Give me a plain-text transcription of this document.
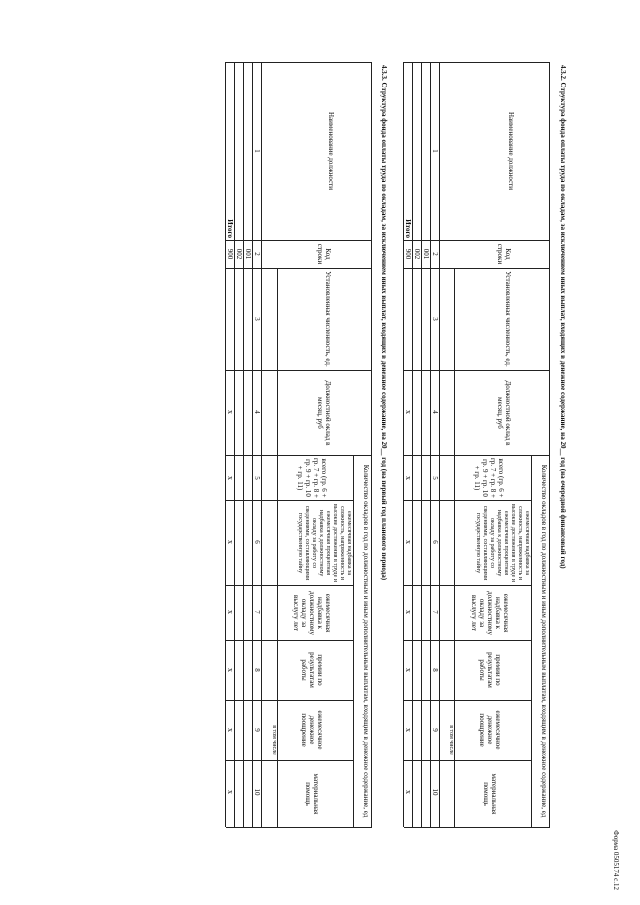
Форма 0505174 с.12
4.3.2. Структура фонда оплаты труда по окладам, за исключением иных выплат, входящих в денежное содержание, на 20__ год (на очередной финансовый год)
Наименование должности
Код строки
Установленная численность, ед.
Должностной оклад в месяц, руб
Количество окладов в год по должностным и иным дополнительным выплатам, входящим в денежное содержание, ед
всего (гр. 6 + гр. 7 + гр. 8 + гр. 9 + гр. 10 + гр. 11)
в том числе
ежемесячная надбавка за сложность, напряженность и высокие достижения в труде и ежемесячная процентная надбавка к должностному окладу за работу со сведениями, составляющими государственную тайну
ежемесячная надбавка к должностному окладу за выслугу лет
премии по результатам работы
ежемесячное денежное поощрение
материальная помощь
1
2
3
4
5
6
7
8
9
10
001
002
Итого
900
x
x
x
x
x
x
x
4.3.3. Структура фонда оплаты труда по окладам, за исключением иных выплат, входящих в денежное содержание, на 20__ год (на первый год планового периода)
Наименование должности
Код строки
Установленная численность, ед.
Должностной оклад в месяц, руб
Количество окладов в год по должностным и иным дополнительным выплатам, входящим в денежное содержание, ед
всего (гр. 6 + гр. 7 + гр. 8 + гр. 9 + гр. 10 + гр. 11)
в том числе
ежемесячная надбавка за сложность, напряженность и высокие достижения в труде и ежемесячная процентная надбавка к должностному окладу за работу со сведениями, составляющими государственную тайну
ежемесячная надбавка к должностному окладу за выслугу лет
премии по результатам работы
ежемесячное денежное поощрение
материальная помощь
1
2
3
4
5
6
7
8
9
10
001
002
Итого
900
x
x
x
x
x
x
x
